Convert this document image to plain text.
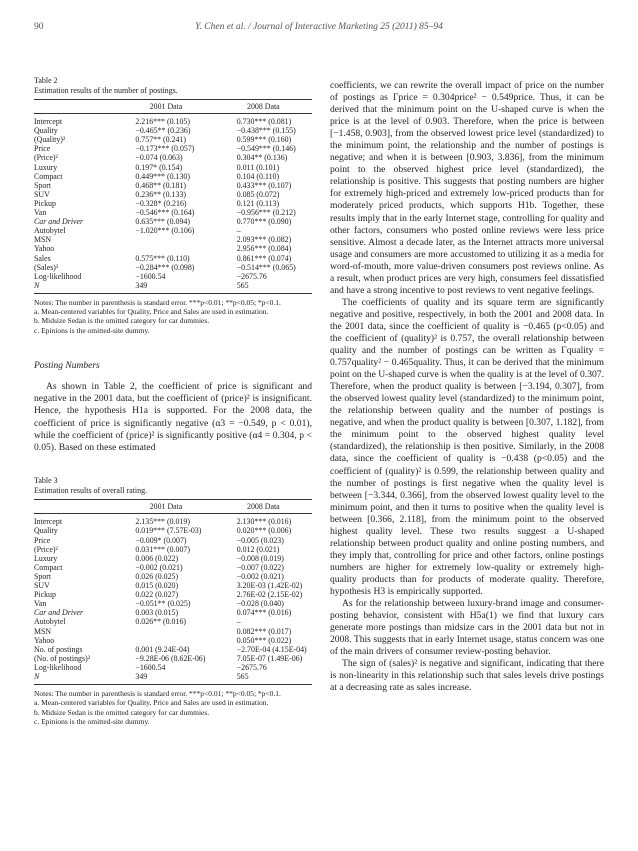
90	Y. Chen et al. / Journal of Interactive Marketing 25 (2011) 85–94

Table 2

Estimation results of the number of postings.

	2001 Data	2008 Data
Intercept	2.216*** (0.105)	0.730*** (0.081)
Quality	−0.465** (0.236)	−0.438*** (0.155)
(Quality)²	0.757** (0.241)	0.599*** (0.160)
Price	−0.173*** (0.057)	−0.549*** (0.146)
(Price)²	−0.074 (0.063)	0.304** (0.136)
Luxury	0.197* (0.154)	0.011 (0.101)
Compact	0.449*** (0.130)	0.104 (0.110)
Sport	0.468** (0.181)	0.433*** (0.107)
SUV	0.236** (0.133)	0.085 (0.072)
Pickup	−0.328* (0.216)	0.121 (0.113)
Van	−0.546*** (0.164)	−0.956*** (0.212)
Car and Driver	0.635*** (0.094)	0.770*** (0.090)
Autobytel	−1.020*** (0.106)	–
MSN		2.093*** (0.082)
Yahoo		2.956*** (0.084)
Sales	0.575*** (0.110)	0.861*** (0.074)
(Sales)²	−0.284*** (0.098)	−0.514*** (0.065)
Log-likelihood	−1600.54	−2675.76
N	349	565

Notes: The number in parenthesis is standard error. ***p<0.01; **p<0.05; *p<0.1.

a. Mean-centered variables for Quality, Price and Sales are used in estimation.

b. Midsize Sedan is the omitted category for car dummies.

c. Epinions is the omitted-site dummy.

Posting Numbers

As shown in Table 2, the coefficient of price is significant and negative in the 2001 data, but the coefficient of (price)² is insignificant. Hence, the hypothesis H1a is supported. For the 2008 data, the coefficient of price is significantly negative (α3 = −0.549, p < 0.01), while the coefficient of (price)² is significantly positive (α4 = 0.304, p < 0.05). Based on these estimated

Table 3

Estimation results of overall rating.

	2001 Data	2008 Data
Intercept	2.135*** (0.019)	2.130*** (0.016)
Quality	0.019*** (7.57E-03)	0.020*** (0.006)
Price	−0.009* (0.007)	−0.005 (0.023)
(Price)²	0.031*** (0.007)	0.012 (0.021)
Luxury	0.006 (0.022)	−0.008 (0.019)
Compact	−0.002 (0.021)	−0.007 (0.022)
Sport	0.026 (0.025)	−0.002 (0.021)
SUV	0.015 (0.020)	3.20E-03 (1.42E-02)
Pickup	0.022 (0.027)	2.76E-02 (2.15E-02)
Van	−0.051** (0.025)	−0.028 (0.040)
Car and Driver	0.003 (0.015)	0.074*** (0.016)
Autobytel	0.026** (0.016)	–
MSN		0.082*** (0.017)
Yahoo		0.050*** (0.022)
No. of postings	0.001 (9.24E-04)	−2.70E-04 (4.15E-04)
(No. of postings)²	−9.28E-06 (8.62E-06)	7.05E-07 (1.49E-06)
Log-likelihood	−1600.54	−2675.76
N	349	565

Notes: The number in parenthesis is standard error. ***p<0.01; **p<0.05; *p<0.1.

a. Mean-centered variables for Quality, Price and Sales are used in estimation.

b. Midsize Sedan is the omitted category for car dummies.

c. Epinions is the omitted-site dummy.

coefficients, we can rewrite the overall impact of price on the number of postings as Γprice = 0.304price² − 0.549price. Thus, it can be derived that the minimum point on the U-shaped curve is when the price is at the level of 0.903. Therefore, when the price is between [−1.458, 0.903], from the observed lowest price level (standardized) to the minimum point, the relationship and the number of postings is negative; and when it is between [0.903, 3.836], from the minimum point to the observed highest price level (standardized), the relationship is positive. This suggests that posting numbers are higher for extremely high-priced and extremely low-priced products than for moderately priced products, which supports H1b. Together, these results imply that in the early Internet stage, controlling for quality and other factors, consumers who posted online reviews were less price sensitive. Almost a decade later, as the Internet attracts more universal usage and consumers are more accustomed to utilizing it as a media for word-of-mouth, more value-driven consumers post reviews online. As a result, when product prices are very high, consumers feel dissatisfied and have a strong incentive to post reviews to vent negative feelings.

The coefficients of quality and its square term are significantly negative and positive, respectively, in both the 2001 and 2008 data. In the 2001 data, since the coefficient of quality is −0.465 (p<0.05) and the coefficient of (quality)² is 0.757, the overall relationship between quality and the number of postings can be written as Γquality = 0.757quality² − 0.465quality. Thus, it can be derived that the minimum point on the U-shaped curve is when the quality is at the level of 0.307. Therefore, when the product quality is between [−3.194, 0.307], from the observed lowest quality level (standardized) to the minimum point, the relationship between quality and the number of postings is negative, and when the product quality is between [0.307, 1.182], from the minimum point to the observed highest quality level (standardized), the relationship is then positive. Similarly, in the 2008 data, since the coefficient of quality is −0.438 (p<0.05) and the coefficient of (quality)² is 0.599, the relationship between quality and the number of postings is first negative when the quality level is between [−3.344, 0.366], from the observed lowest quality level to the minimum point, and then it turns to positive when the quality level is between [0.366, 2.118], from the minimum point to the observed highest quality level. These two results suggest a U-shaped relationship between product quality and online posting numbers, and they imply that, controlling for price and other factors, online postings numbers are higher for extremely low-quality or extremely high-quality products than for products of moderate quality. Therefore, hypothesis H3 is empirically supported.

As for the relationship between luxury-brand image and consumer-posting behavior, consistent with H5a(1) we find that luxury cars generate more postings than midsize cars in the 2001 data but not in 2008. This suggests that in early Internet usage, status concern was one of the main drivers of consumer review-posting behavior.

The sign of (sales)² is negative and significant, indicating that there is non-linearity in this relationship such that sales levels drive postings at a decreasing rate as sales increase.
